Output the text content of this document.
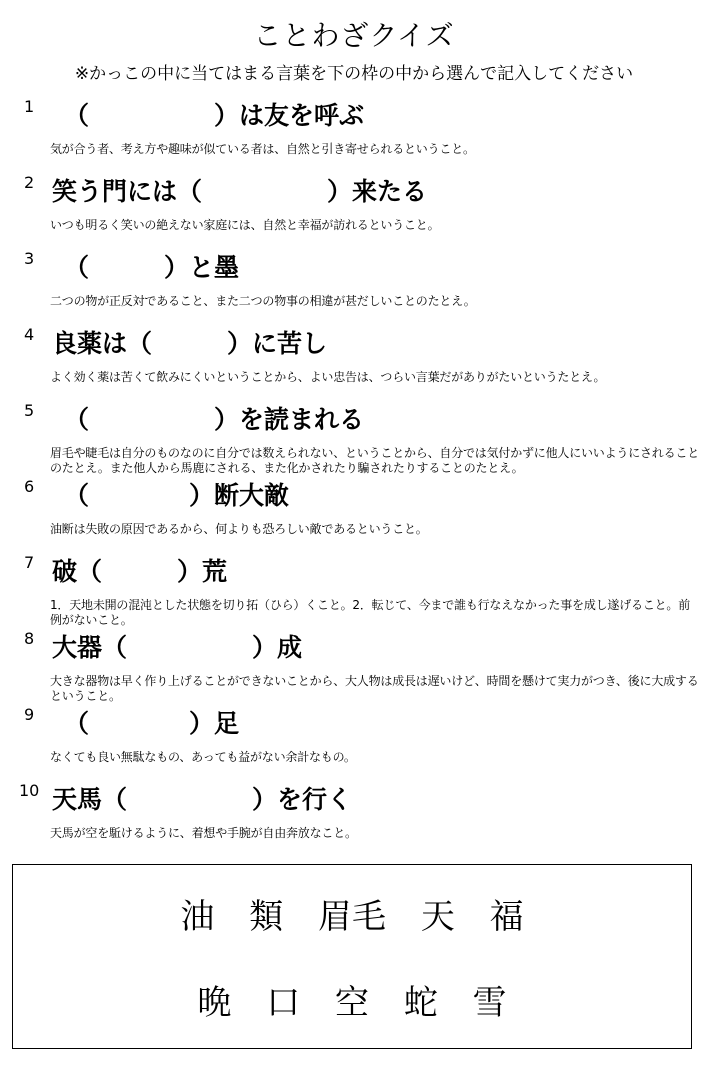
ことわざクイズ
※かっこの中に当てはまる言葉を下の枠の中から選んで記入してください
1 （　　　　　	）は友を呼ぶ
気が合う者、考え方や趣味が似ている者は、自然と引き寄せられるということ。
2 笑う門には（　　　　　	）来たる
いつも明るく笑いの絶えない家庭には、自然と幸福が訪れるということ。
3 （　　　	）と墨
二つの物が正反対であること、また二つの物事の相違が甚だしいことのたとえ。
4 良薬は（　　　	）に苦し
よく効く薬は苦くて飲みにくいということから、よい忠告は、つらい言葉だがありがたいというたとえ。
5 （　　　　　	）を読まれる
眉毛や睫毛は自分のものなのに自分では数えられない、ということから、自分では気付かずに他人にいいようにされることのたとえ。また他人から馬鹿にされる、また化かされたり騙されたりすることのたとえ。
6 （　　　　	）断大敵
油断は失敗の原因であるから、何よりも恐ろしい敵であるということ。
7 破（　　　	）荒
1．天地未開の混沌とした状態を切り拓（ひら）くこと。2．転じて、今まで誰も行なえなかった事を成し遂げること。前例がないこと。
8 大器（　　　　　	）成
大きな器物は早く作り上げることができないことから、大人物は成長は遅いけど、時間を懸けて実力がつき、後に大成するということ。
9 （　　　　	）足
なくても良い無駄なもの、あっても益がない余計なもの。
10 天馬（　　　　　	）を行く
天馬が空を駈けるように、着想や手腕が自由奔放なこと。
油 類 眉毛 天 福
晩 口 空 蛇 雪
